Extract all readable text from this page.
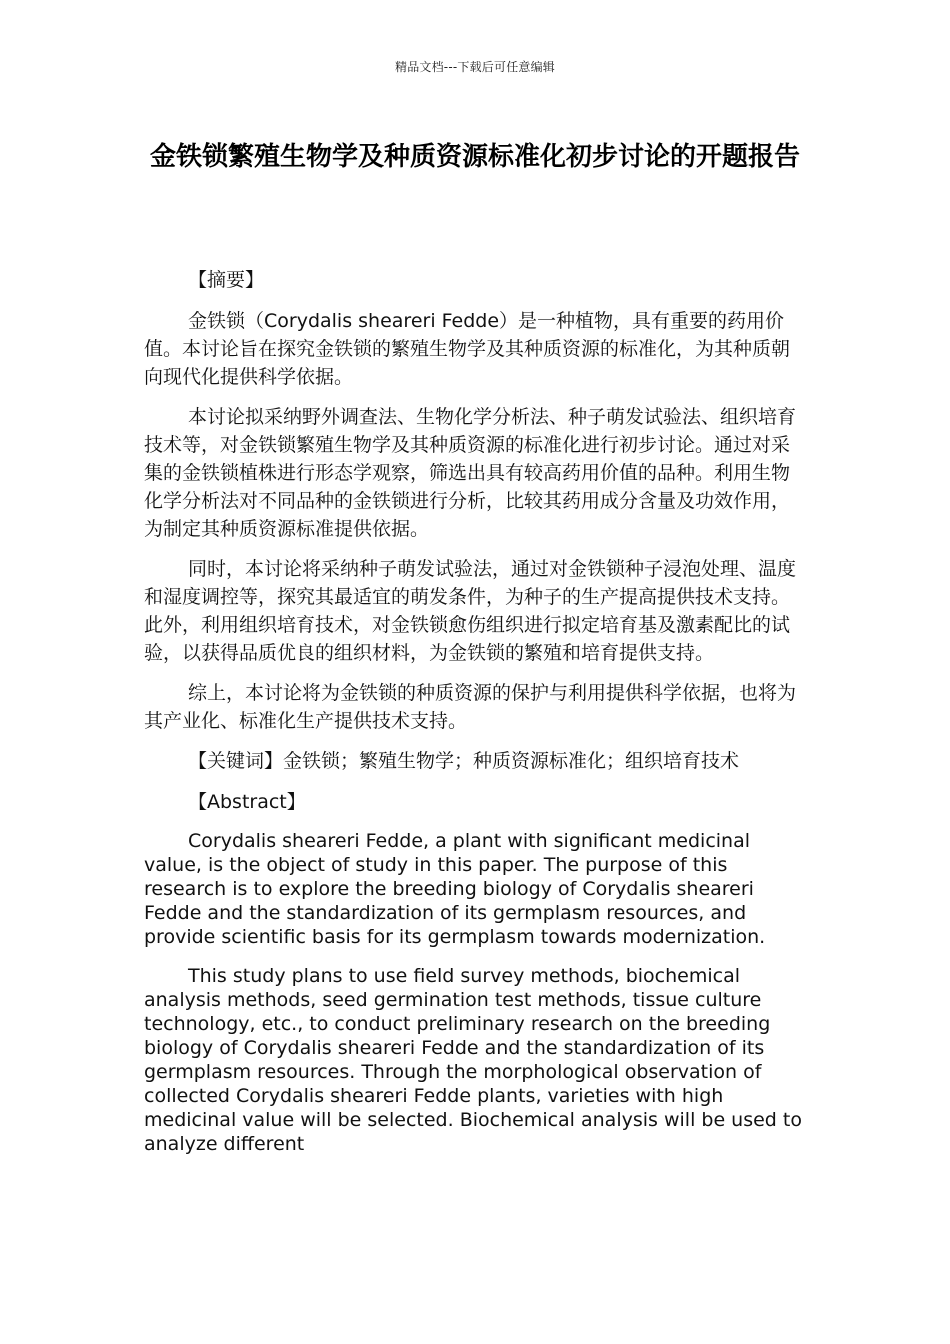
精品文档---下载后可任意编辑
金铁锁繁殖生物学及种质资源标准化初步讨论的开题报告

【摘要】

金铁锁（Corydalis sheareri Fedde）是一种植物，具有重要的药用价值。本讨论旨在探究金铁锁的繁殖生物学及其种质资源的标准化，为其种质朝向现代化提供科学依据。

本讨论拟采纳野外调查法、生物化学分析法、种子萌发试验法、组织培育技术等，对金铁锁繁殖生物学及其种质资源的标准化进行初步讨论。通过对采集的金铁锁植株进行形态学观察，筛选出具有较高药用价值的品种。利用生物化学分析法对不同品种的金铁锁进行分析，比较其药用成分含量及功效作用，为制定其种质资源标准提供依据。

同时，本讨论将采纳种子萌发试验法，通过对金铁锁种子浸泡处理、温度和湿度调控等，探究其最适宜的萌发条件，为种子的生产提高提供技术支持。此外，利用组织培育技术，对金铁锁愈伤组织进行拟定培育基及激素配比的试验，以获得品质优良的组织材料，为金铁锁的繁殖和培育提供支持。

综上，本讨论将为金铁锁的种质资源的保护与利用提供科学依据，也将为其产业化、标准化生产提供技术支持。

【关键词】金铁锁；繁殖生物学；种质资源标准化；组织培育技术

【Abstract】

Corydalis sheareri Fedde, a plant with significant medicinal value, is the object of study in this paper. The purpose of this research is to explore the breeding biology of Corydalis sheareri Fedde and the standardization of its germplasm resources, and provide scientific basis for its germplasm towards modernization.

This study plans to use field survey methods, biochemical analysis methods, seed germination test methods, tissue culture technology, etc., to conduct preliminary research on the breeding biology of Corydalis sheareri Fedde and the standardization of its germplasm resources. Through the morphological observation of collected Corydalis sheareri Fedde plants, varieties with high medicinal value will be selected. Biochemical analysis will be used to analyze different
